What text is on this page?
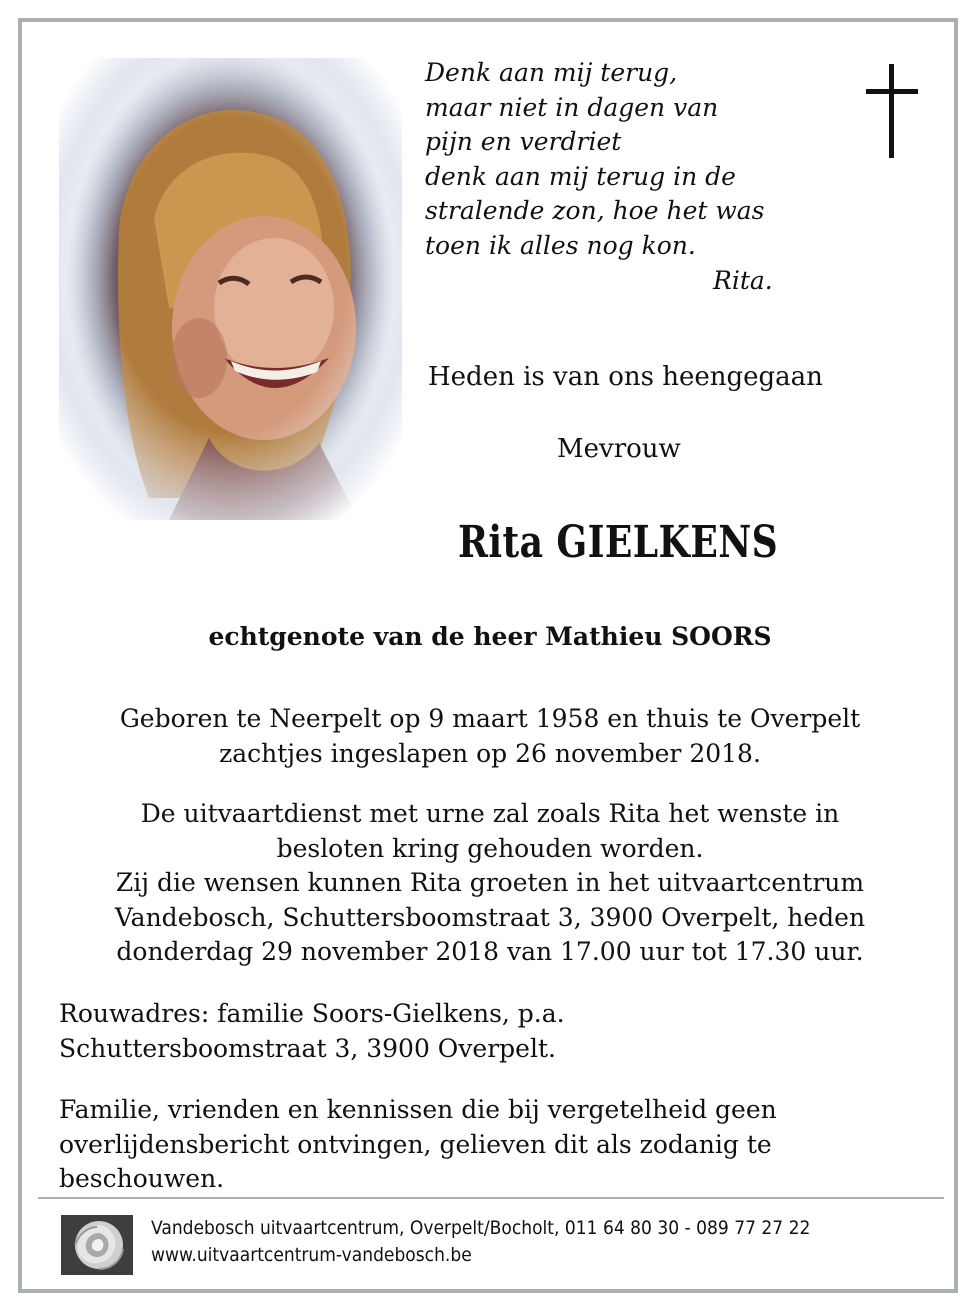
Denk aan mij terug,
maar niet in dagen van
pijn en verdriet
denk aan mij terug in de
stralende zon, hoe het was
toen ik alles nog kon.
Rita.
Heden is van ons heengegaan
Mevrouw
Rita GIELKENS
echtgenote van de heer Mathieu SOORS
Geboren te Neerpelt op 9 maart 1958 en thuis te Overpelt
zachtjes ingeslapen op 26 november 2018.
De uitvaartdienst met urne zal zoals Rita het wenste in
besloten kring gehouden worden.
Zij die wensen kunnen Rita groeten in het uitvaartcentrum
Vandebosch, Schuttersboomstraat 3, 3900 Overpelt, heden
donderdag 29 november 2018 van 17.00 uur tot 17.30 uur.
Rouwadres: familie Soors-Gielkens, p.a.
Schuttersboomstraat 3, 3900 Overpelt.
Familie, vrienden en kennissen die bij vergetelheid geen
overlijdensbericht ontvingen, gelieven dit als zodanig te
beschouwen.
Vandebosch uitvaartcentrum, Overpelt/Bocholt, 011 64 80 30 - 089 77 27 22
www.uitvaartcentrum-vandebosch.be
